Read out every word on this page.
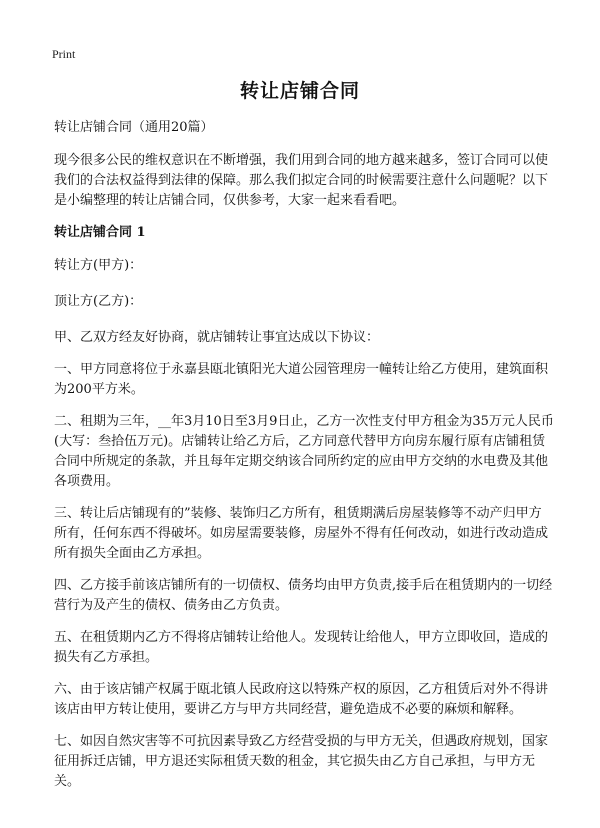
Print
转让店铺合同

转让店铺合同（通用20篇）

现今很多公民的维权意识在不断增强，我们用到合同的地方越来越多，签订合同可以使我们的合法权益得到法律的保障。那么我们拟定合同的时候需要注意什么问题呢？以下是小编整理的转让店铺合同，仅供参考，大家一起来看看吧。

转让店铺合同 1

转让方(甲方)：

顶让方(乙方)：

甲、乙双方经友好协商，就店铺转让事宜达成以下协议：

一、甲方同意将位于永嘉县瓯北镇阳光大道公园管理房一幢转让给乙方使用，建筑面积为200平方米。

二、租期为三年，__年3月10日至3月9日止，乙方一次性支付甲方租金为35万元人民币(大写：叁拾伍万元)。店铺转让给乙方后，乙方同意代替甲方向房东履行原有店铺租赁合同中所规定的条款，并且每年定期交纳该合同所约定的应由甲方交纳的水电费及其他各项费用。

三、转让后店铺现有的”装修、装饰归乙方所有，租赁期满后房屋装修等不动产归甲方所有，任何东西不得破坏。如房屋需要装修，房屋外不得有任何改动，如进行改动造成所有损失全面由乙方承担。

四、乙方接手前该店铺所有的一切债权、债务均由甲方负责,接手后在租赁期内的一切经营行为及产生的债权、债务由乙方负责。

五、在租赁期内乙方不得将店铺转让给他人。发现转让给他人，甲方立即收回，造成的损失有乙方承担。

六、由于该店铺产权属于瓯北镇人民政府这以特殊产权的原因，乙方租赁后对外不得讲该店由甲方转让使用，要讲乙方与甲方共同经营，避免造成不必要的麻烦和解释。

七、如因自然灾害等不可抗因素导致乙方经营受损的与甲方无关，但遇政府规划，国家征用拆迁店铺，甲方退还实际租赁天数的租金，其它损失由乙方自己承担，与甲方无关。
